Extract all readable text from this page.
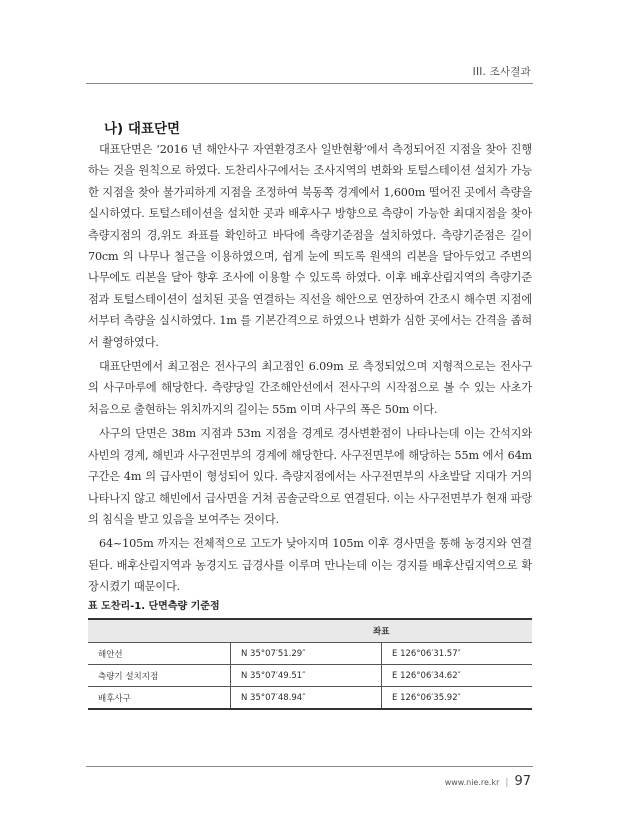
III. 조사결과
나) 대표단면

대표단면은 ‘2016 년 해안사구 자연환경조사 일반현황’에서 측정되어진 지점을 찾아 진행하는 것을 원칙으로 하였다. 도찬리사구에서는 조사지역의 변화와 토털스테이션 설치가 가능한 지점을 찾아 불가피하게 지점을 조정하여 북동쪽 경계에서 1,600m 떨어진 곳에서 측량을 실시하였다. 토털스테이션을 설치한 곳과 배후사구 방향으로 측량이 가능한 최대지점을 찾아 측량지점의 경,위도 좌표를 확인하고 바닥에 측량기준점을 설치하였다. 측량기준점은 길이 70cm 의 나무나 철근을 이용하였으며, 쉽게 눈에 띄도록 원색의 리본을 달아두었고 주변의 나무에도 리본을 달아 향후 조사에 이용할 수 있도록 하였다. 이후 배후산림지역의 측량기준점과 토털스테이션이 설치된 곳을 연결하는 직선을 해안으로 연장하여 간조시 해수면 지점에서부터 측량을 실시하였다. 1m 를 기본간격으로 하였으나 변화가 심한 곳에서는 간격을 좁혀서 촬영하였다.

대표단면에서 최고점은 전사구의 최고점인 6.09m 로 측정되었으며 지형적으로는 전사구의 사구마루에 해당한다. 측량당일 간조해안선에서 전사구의 시작점으로 볼 수 있는 사초가 처음으로 출현하는 위치까지의 길이는 55m 이며 사구의 폭은 50m 이다.

사구의 단면은 38m 지점과 53m 지점을 경계로 경사변환점이 나타나는데 이는 간석지와 사빈의 경계, 해빈과 사구전면부의 경계에 해당한다. 사구전면부에 해당하는 55m 에서 64m 구간은 4m 의 급사면이 형성되어 있다. 측량지점에서는 사구전면부의 사초발달 지대가 거의 나타나지 않고 해빈에서 급사면을 거쳐 곰솔군락으로 연결된다. 이는 사구전면부가 현재 파랑의 침식을 받고 있음을 보여주는 것이다.

64~105m 까지는 전체적으로 고도가 낮아지며 105m 이후 경사면을 통해 농경지와 연결된다. 배후산림지역과 농경지도 급경사를 이루며 만나는데 이는 경지를 배후산림지역으로 확장시켰기 때문이다.

표 도찬리-1. 단면측량 기준점
	좌표	
해안선	N 35°07′51.29″	E 126°06′31.57″
측량기 설치지점	N 35°07′49.51″	E 126°06′34.62″
배후사구	N 35°07′48.94″	E 126°06′35.92″
www.nie.re.kr | 97
